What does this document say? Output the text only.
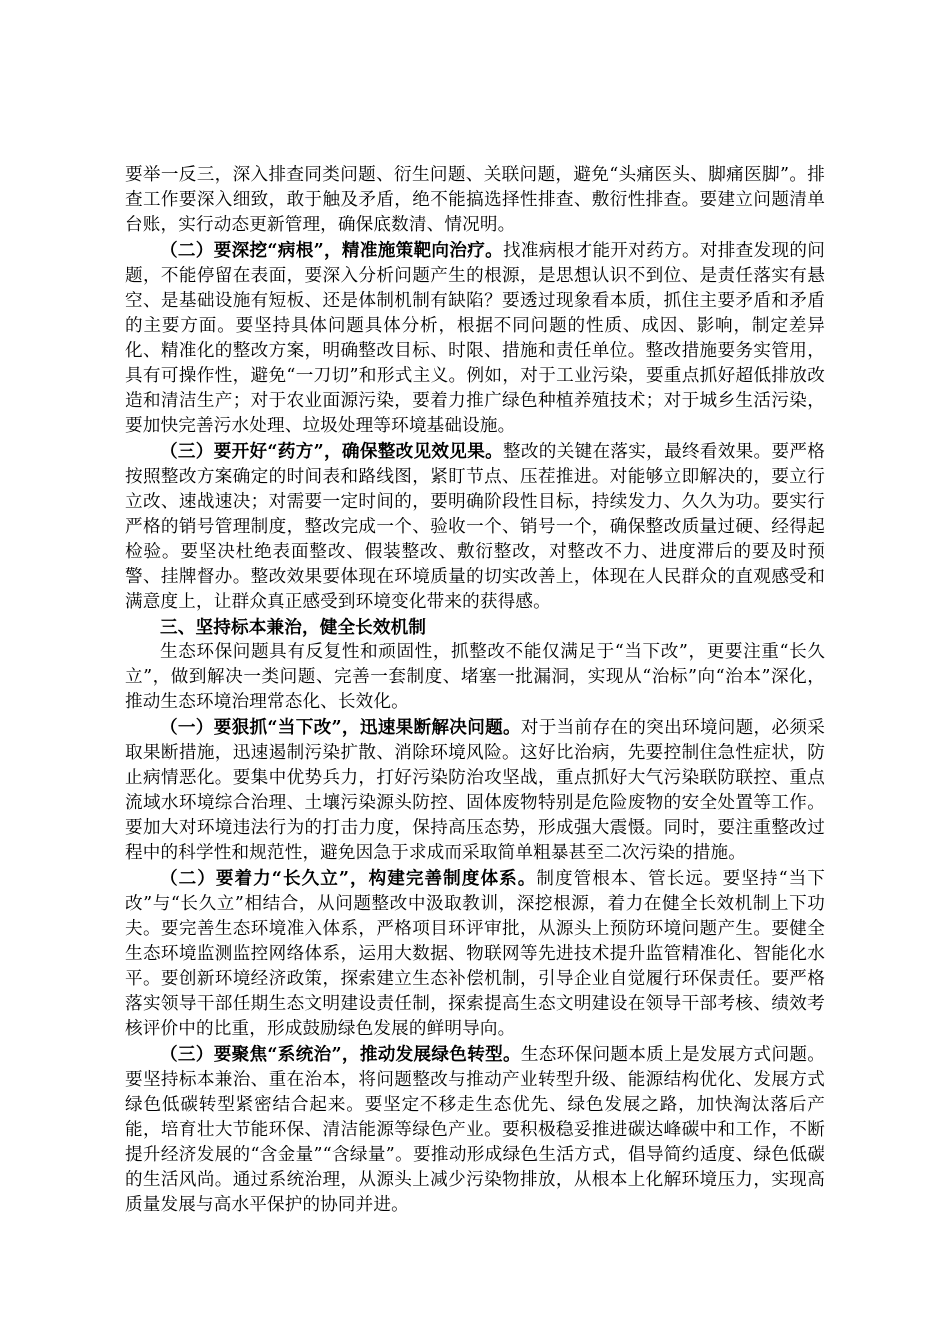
要举一反三，深入排查同类问题、衍生问题、关联问题，避免“头痛医头、脚痛医脚”。排查工作要深入细致，敢于触及矛盾，绝不能搞选择性排查、敷衍性排查。要建立问题清单台账，实行动态更新管理，确保底数清、情况明。

（二）要深挖“病根”，精准施策靶向治疗。找准病根才能开对药方。对排查发现的问题，不能停留在表面，要深入分析问题产生的根源，是思想认识不到位、是责任落实有悬空、是基础设施有短板、还是体制机制有缺陷？要透过现象看本质，抓住主要矛盾和矛盾的主要方面。要坚持具体问题具体分析，根据不同问题的性质、成因、影响，制定差异化、精准化的整改方案，明确整改目标、时限、措施和责任单位。整改措施要务实管用，具有可操作性，避免“一刀切”和形式主义。例如，对于工业污染，要重点抓好超低排放改造和清洁生产；对于农业面源污染，要着力推广绿色种植养殖技术；对于城乡生活污染，要加快完善污水处理、垃圾处理等环境基础设施。

（三）要开好“药方”，确保整改见效见果。整改的关键在落实，最终看效果。要严格按照整改方案确定的时间表和路线图，紧盯节点、压茬推进。对能够立即解决的，要立行立改、速战速决；对需要一定时间的，要明确阶段性目标，持续发力、久久为功。要实行严格的销号管理制度，整改完成一个、验收一个、销号一个，确保整改质量过硬、经得起检验。要坚决杜绝表面整改、假装整改、敷衍整改，对整改不力、进度滞后的要及时预警、挂牌督办。整改效果要体现在环境质量的切实改善上，体现在人民群众的直观感受和满意度上，让群众真正感受到环境变化带来的获得感。

三、坚持标本兼治，健全长效机制

生态环保问题具有反复性和顽固性，抓整改不能仅满足于“当下改”，更要注重“长久立”，做到解决一类问题、完善一套制度、堵塞一批漏洞，实现从“治标”向“治本”深化，推动生态环境治理常态化、长效化。

（一）要狠抓“当下改”，迅速果断解决问题。对于当前存在的突出环境问题，必须采取果断措施，迅速遏制污染扩散、消除环境风险。这好比治病，先要控制住急性症状，防止病情恶化。要集中优势兵力，打好污染防治攻坚战，重点抓好大气污染联防联控、重点流域水环境综合治理、土壤污染源头防控、固体废物特别是危险废物的安全处置等工作。要加大对环境违法行为的打击力度，保持高压态势，形成强大震慑。同时，要注重整改过程中的科学性和规范性，避免因急于求成而采取简单粗暴甚至二次污染的措施。

（二）要着力“长久立”，构建完善制度体系。制度管根本、管长远。要坚持“当下改”与“长久立”相结合，从问题整改中汲取教训，深挖根源，着力在健全长效机制上下功夫。要完善生态环境准入体系，严格项目环评审批，从源头上预防环境问题产生。要健全生态环境监测监控网络体系，运用大数据、物联网等先进技术提升监管精准化、智能化水平。要创新环境经济政策，探索建立生态补偿机制，引导企业自觉履行环保责任。要严格落实领导干部任期生态文明建设责任制，探索提高生态文明建设在领导干部考核、绩效考核评价中的比重，形成鼓励绿色发展的鲜明导向。

（三）要聚焦“系统治”，推动发展绿色转型。生态环保问题本质上是发展方式问题。要坚持标本兼治、重在治本，将问题整改与推动产业转型升级、能源结构优化、发展方式绿色低碳转型紧密结合起来。要坚定不移走生态优先、绿色发展之路，加快淘汰落后产能，培育壮大节能环保、清洁能源等绿色产业。要积极稳妥推进碳达峰碳中和工作，不断提升经济发展的“含金量”“含绿量”。要推动形成绿色生活方式，倡导简约适度、绿色低碳的生活风尚。通过系统治理，从源头上减少污染物排放，从根本上化解环境压力，实现高质量发展与高水平保护的协同并进。
